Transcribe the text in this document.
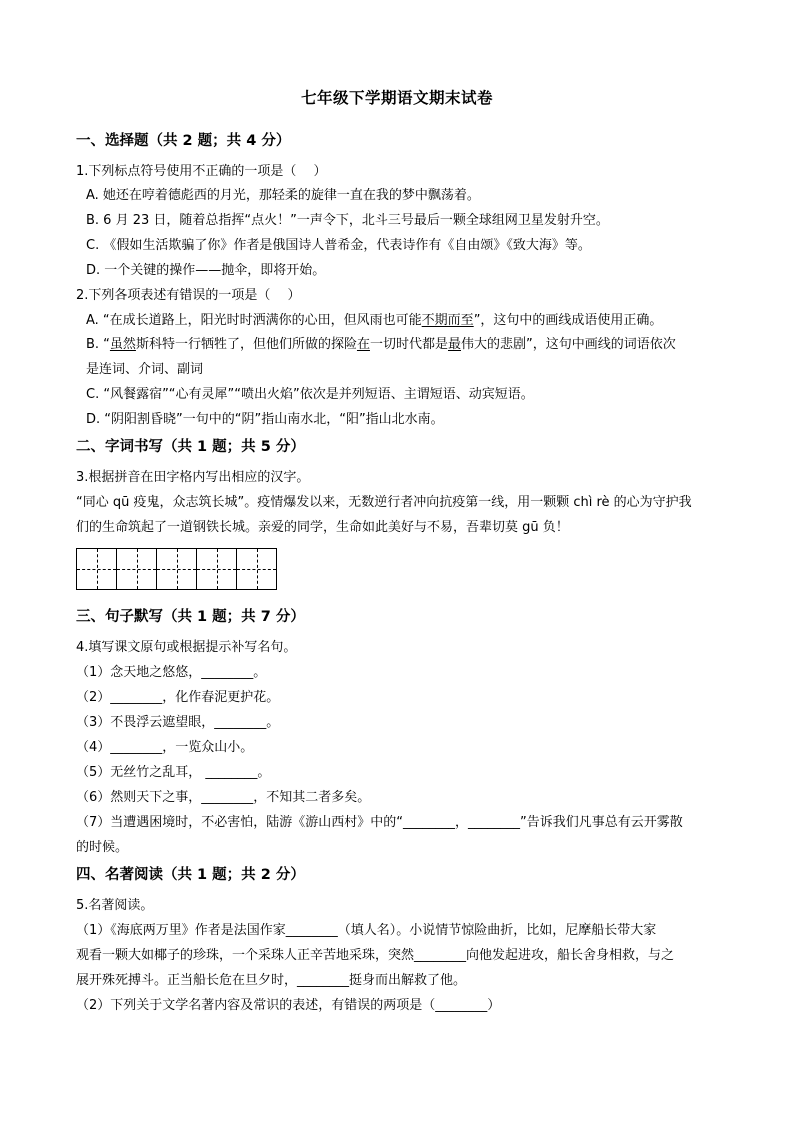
七年级下学期语文期末试卷
一、选择题（共 2 题；共 4 分）
1.下列标点符号使用不正确的一项是（　 ）
A. 她还在哼着德彪西的月光，那轻柔的旋律一直在我的梦中飘荡着。
B. 6 月 23 日，随着总指挥“点火！”一声令下，北斗三号最后一颗全球组网卫星发射升空。
C. 《假如生活欺骗了你》作者是俄国诗人普希金，代表诗作有《自由颂》《致大海》等。
D. 一个关键的操作——抛伞，即将开始。
2.下列各项表述有错误的一项是（　 ）
A. “在成长道路上，阳光时时洒满你的心田，但风雨也可能不期而至”，这句中的画线成语使用正确。
B. “虽然斯科特一行牺牲了，但他们所做的探险在一切时代都是最伟大的悲剧”，这句中画线的词语依次
是连词、介词、副词
C. “风餐露宿”“心有灵犀”“喷出火焰”依次是并列短语、主谓短语、动宾短语。
D. “阴阳割昏晓”一句中的“阴”指山南水北，“阳”指山北水南。
二、字词书写（共 1 题；共 5 分）
3.根据拼音在田字格内写出相应的汉字。
“同心 qū 疫鬼，众志筑长城”。疫情爆发以来，无数逆行者冲向抗疫第一线，用一颗颗 chì rè 的心为守护我
们的生命筑起了一道钢铁长城。亲爱的同学，生命如此美好与不易，吾辈切莫 gū 负！
三、句子默写（共 1 题；共 7 分）
4.填写课文原句或根据提示补写名句。
（1）念天地之悠悠，________。
（2）________，化作春泥更护花。
（3）不畏浮云遮望眼，________。
（4）________，一览众山小。
（5）无丝竹之乱耳， ________。
（6）然则天下之事，________，不知其二者多矣。
（7）当遭遇困境时，不必害怕，陆游《游山西村》中的“________，________”告诉我们凡事总有云开雾散
的时候。
四、名著阅读（共 1 题；共 2 分）
5.名著阅读。
（1）《海底两万里》作者是法国作家________（填人名）。小说情节惊险曲折，比如，尼摩船长带大家
观看一颗大如椰子的珍珠，一个采珠人正辛苦地采珠，突然________向他发起进攻，船长舍身相救，与之
展开殊死搏斗。正当船长危在旦夕时，________挺身而出解救了他。
（2）下列关于文学名著内容及常识的表述，有错误的两项是（________）
